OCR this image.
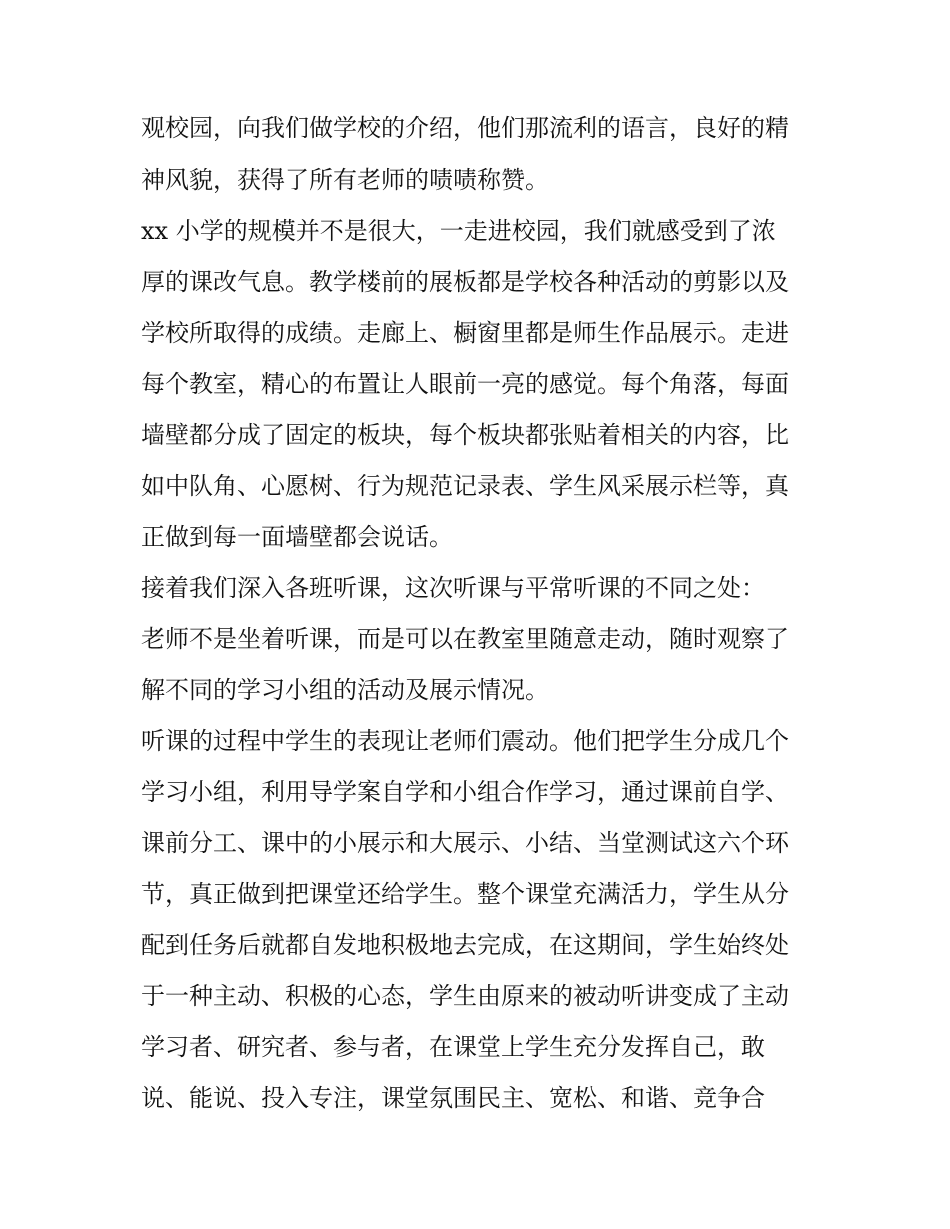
观校园，向我们做学校的介绍，他们那流利的语言，良好的精
神风貌，获得了所有老师的啧啧称赞。
xx 小学的规模并不是很大，一走进校园，我们就感受到了浓
厚的课改气息。教学楼前的展板都是学校各种活动的剪影以及
学校所取得的成绩。走廊上、橱窗里都是师生作品展示。走进
每个教室，精心的布置让人眼前一亮的感觉。每个角落，每面
墙壁都分成了固定的板块，每个板块都张贴着相关的内容，比
如中队角、心愿树、行为规范记录表、学生风采展示栏等，真
正做到每一面墙壁都会说话。
接着我们深入各班听课，这次听课与平常听课的不同之处：
老师不是坐着听课，而是可以在教室里随意走动，随时观察了
解不同的学习小组的活动及展示情况。
听课的过程中学生的表现让老师们震动。他们把学生分成几个
学习小组，利用导学案自学和小组合作学习，通过课前自学、
课前分工、课中的小展示和大展示、小结、当堂测试这六个环
节，真正做到把课堂还给学生。整个课堂充满活力，学生从分
配到任务后就都自发地积极地去完成，在这期间，学生始终处
于一种主动、积极的心态，学生由原来的被动听讲变成了主动
学习者、研究者、参与者，在课堂上学生充分发挥自己，敢
说、能说、投入专注，课堂氛围民主、宽松、和谐、竞争合
